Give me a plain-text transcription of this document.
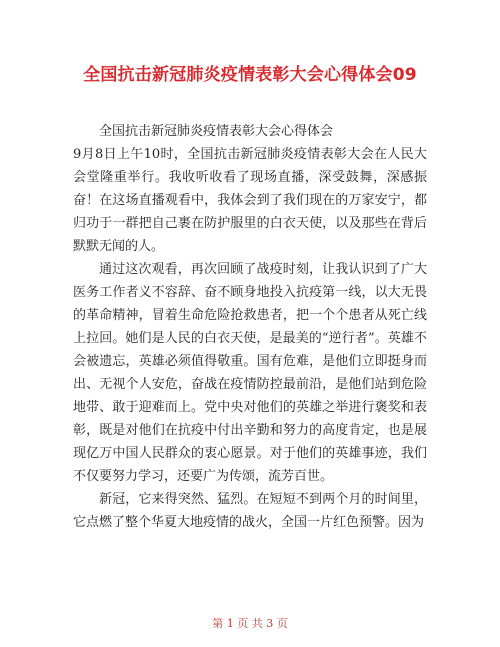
全国抗击新冠肺炎疫情表彰大会心得体会09

全国抗击新冠肺炎疫情表彰大会心得体会

9月8日上午10时，全国抗击新冠肺炎疫情表彰大会在人民大会堂隆重举行。我收听收看了现场直播，深受鼓舞，深感振奋！在这场直播观看中，我体会到了我们现在的万家安宁，都归功于一群把自己裹在防护服里的白衣天使，以及那些在背后默默无闻的人。

通过这次观看，再次回顾了战疫时刻，让我认识到了广大医务工作者义不容辞、奋不顾身地投入抗疫第一线，以大无畏的革命精神，冒着生命危险抢救患者，把一个个患者从死亡线上拉回。她们是人民的白衣天使，是最美的“逆行者”。英雄不会被遗忘，英雄必须值得敬重。国有危难，是他们立即挺身而出、无视个人安危，奋战在疫情防控最前沿，是他们站到危险地带、敢于迎难而上。党中央对他们的英雄之举进行褒奖和表彰，既是对他们在抗疫中付出辛勤和努力的高度肯定，也是展现亿万中国人民群众的衷心愿景。对于他们的英雄事迹，我们不仅要努力学习，还要广为传颂，流芳百世。

新冠，它来得突然、猛烈。在短短不到两个月的时间里，它点燃了整个华夏大地疫情的战火，全国一片红色预警。因为

第 1 页 共 3 页
